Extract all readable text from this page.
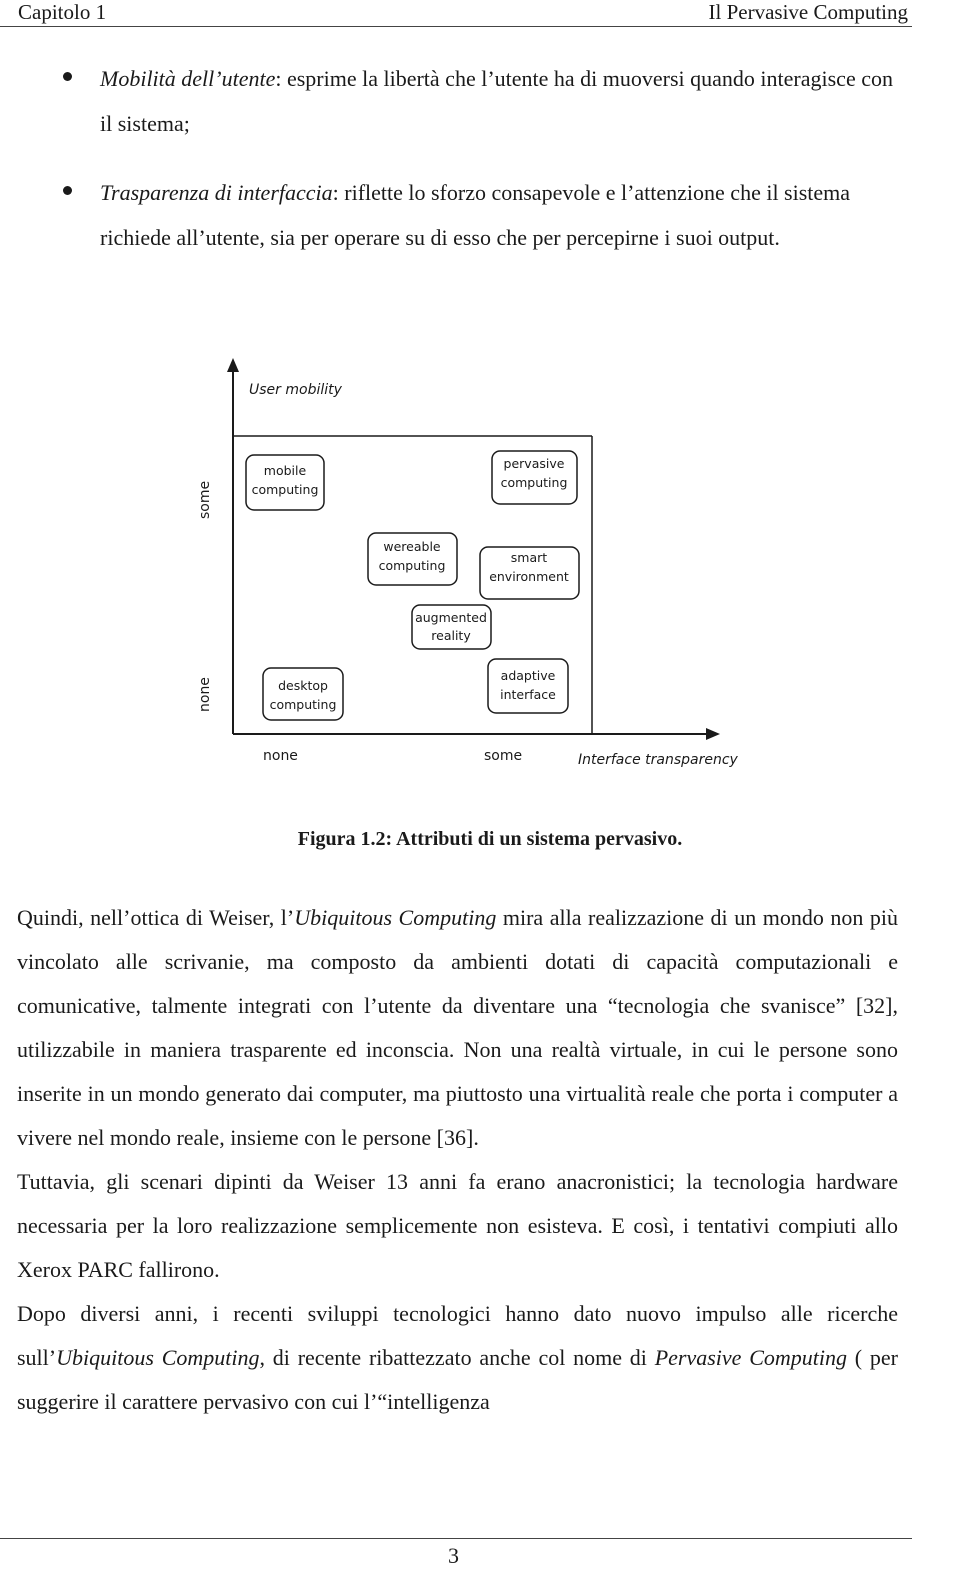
Capitolo 1	Il Pervasive Computing
Mobilità dell’utente: esprime la libertà che l’utente ha di muoversi quando interagisce con il sistema;
Trasparenza di interfaccia: riflette lo sforzo consapevole e l’attenzione che il sistema richiede all’utente, sia per operare su di esso che per percepirne i suoi output.
User mobility
Interface transparency
some
none
none	some
mobile
computing
pervasive
computing
wereable
computing
smart
environment
augmented
reality
desktop
computing
adaptive
interface
Figura 1.2: Attributi di un sistema pervasivo.

Quindi, nell’ottica di Weiser, l’Ubiquitous Computing mira alla realizzazione di un mondo non più vincolato alle scrivanie, ma composto da ambienti dotati di capacità computazionali e comunicative, talmente integrati con l’utente da diventare una “tecnologia che svanisce” [32], utilizzabile in maniera trasparente ed inconscia. Non una realtà virtuale, in cui le persone sono inserite in un mondo generato dai computer, ma piuttosto una virtualità reale che porta i computer a vivere nel mondo reale, insieme con le persone [36].

Tuttavia, gli scenari dipinti da Weiser 13 anni fa erano anacronistici; la tecnologia hardware necessaria per la loro realizzazione semplicemente non esisteva. E così, i tentativi compiuti allo Xerox PARC fallirono.

Dopo diversi anni, i recenti sviluppi tecnologici hanno dato nuovo impulso alle ricerche sull’Ubiquitous Computing, di recente ribattezzato anche col nome di Pervasive Computing ( per suggerire il carattere pervasivo con cui l’“intelligenza

3
